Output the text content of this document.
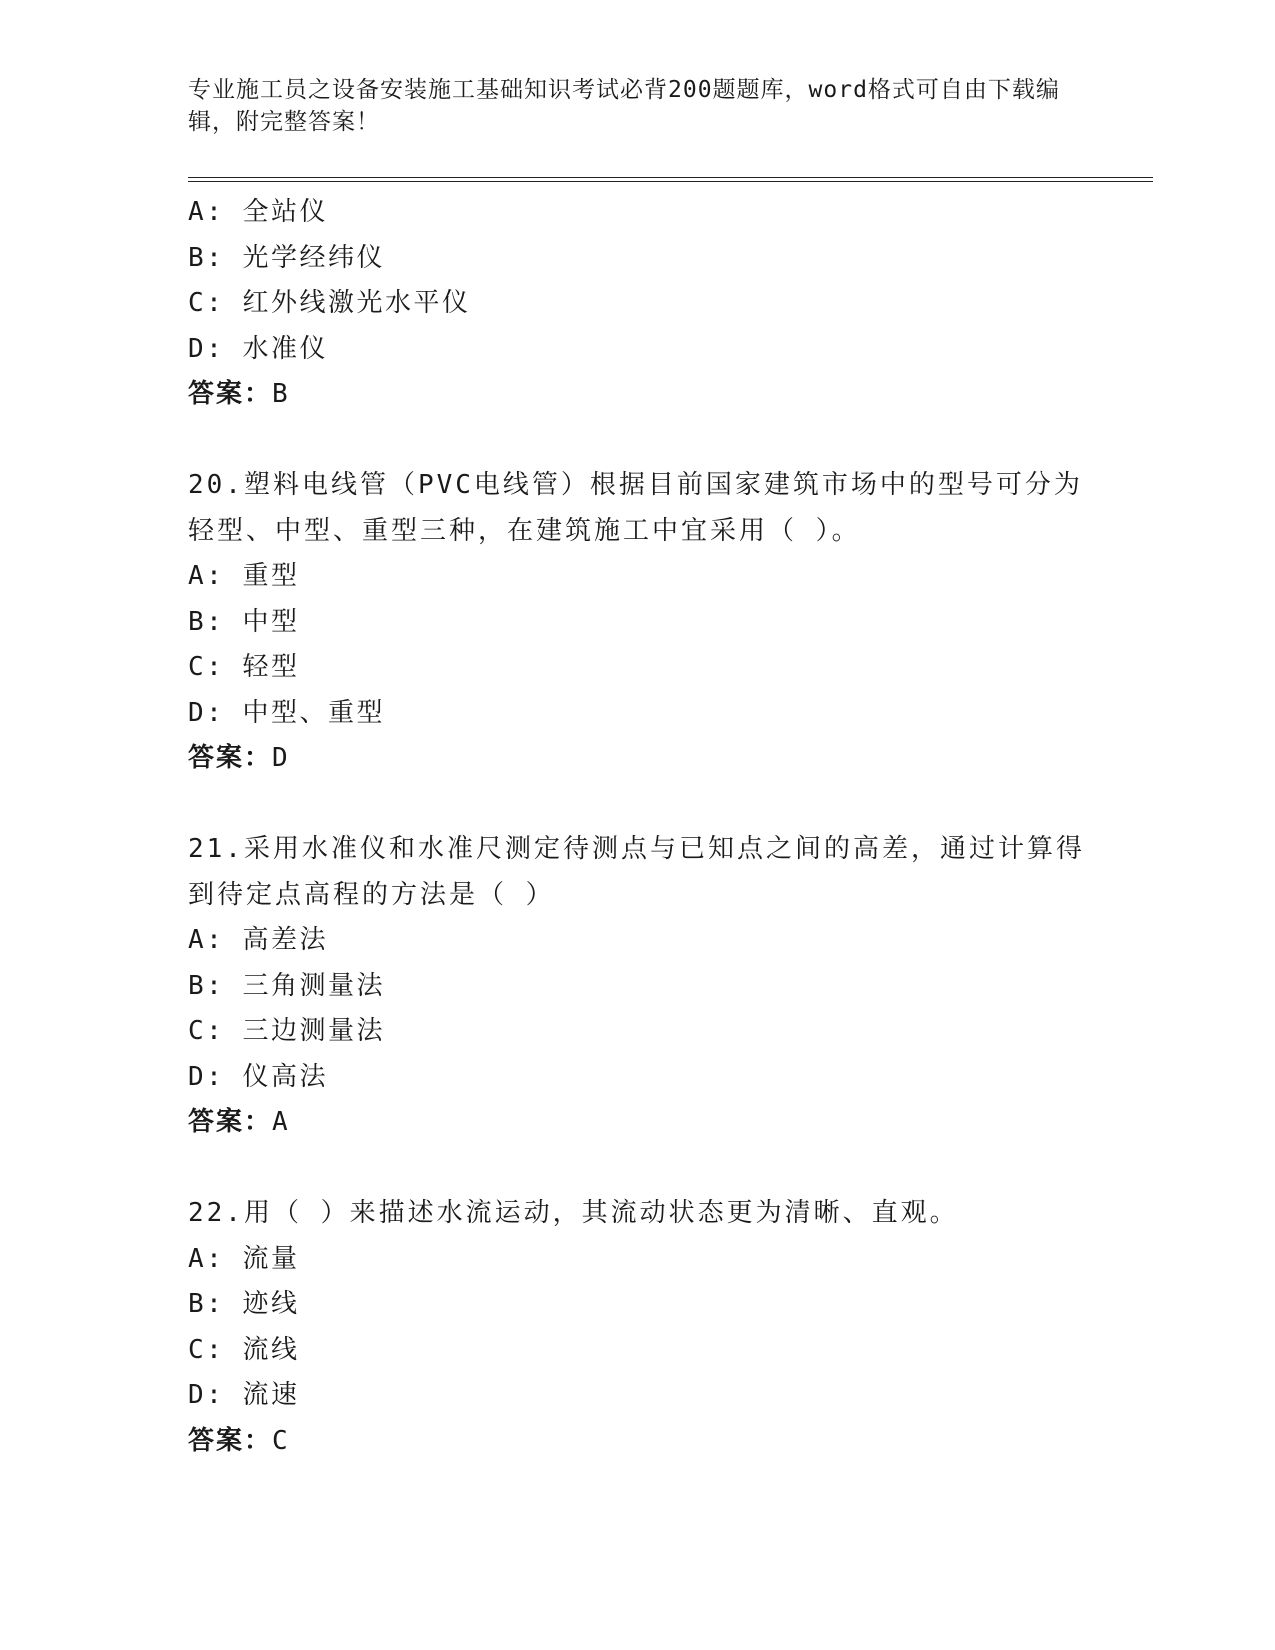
专业施工员之设备安装施工基础知识考试必背200题题库，word格式可自由下载编辑，附完整答案！
A: 全站仪
B: 光学经纬仪
C: 红外线激光水平仪
D: 水准仪
答案：B
20.塑料电线管（PVC电线管）根据目前国家建筑市场中的型号可分为轻型、中型、重型三种，在建筑施工中宜采用（ ）。
A: 重型
B: 中型
C: 轻型
D: 中型、重型
答案：D
21.采用水准仪和水准尺测定待测点与已知点之间的高差，通过计算得到待定点高程的方法是（ ）
A: 高差法
B: 三角测量法
C: 三边测量法
D: 仪高法
答案：A
22.用（ ）来描述水流运动，其流动状态更为清晰、直观。
A: 流量
B: 迹线
C: 流线
D: 流速
答案：C
